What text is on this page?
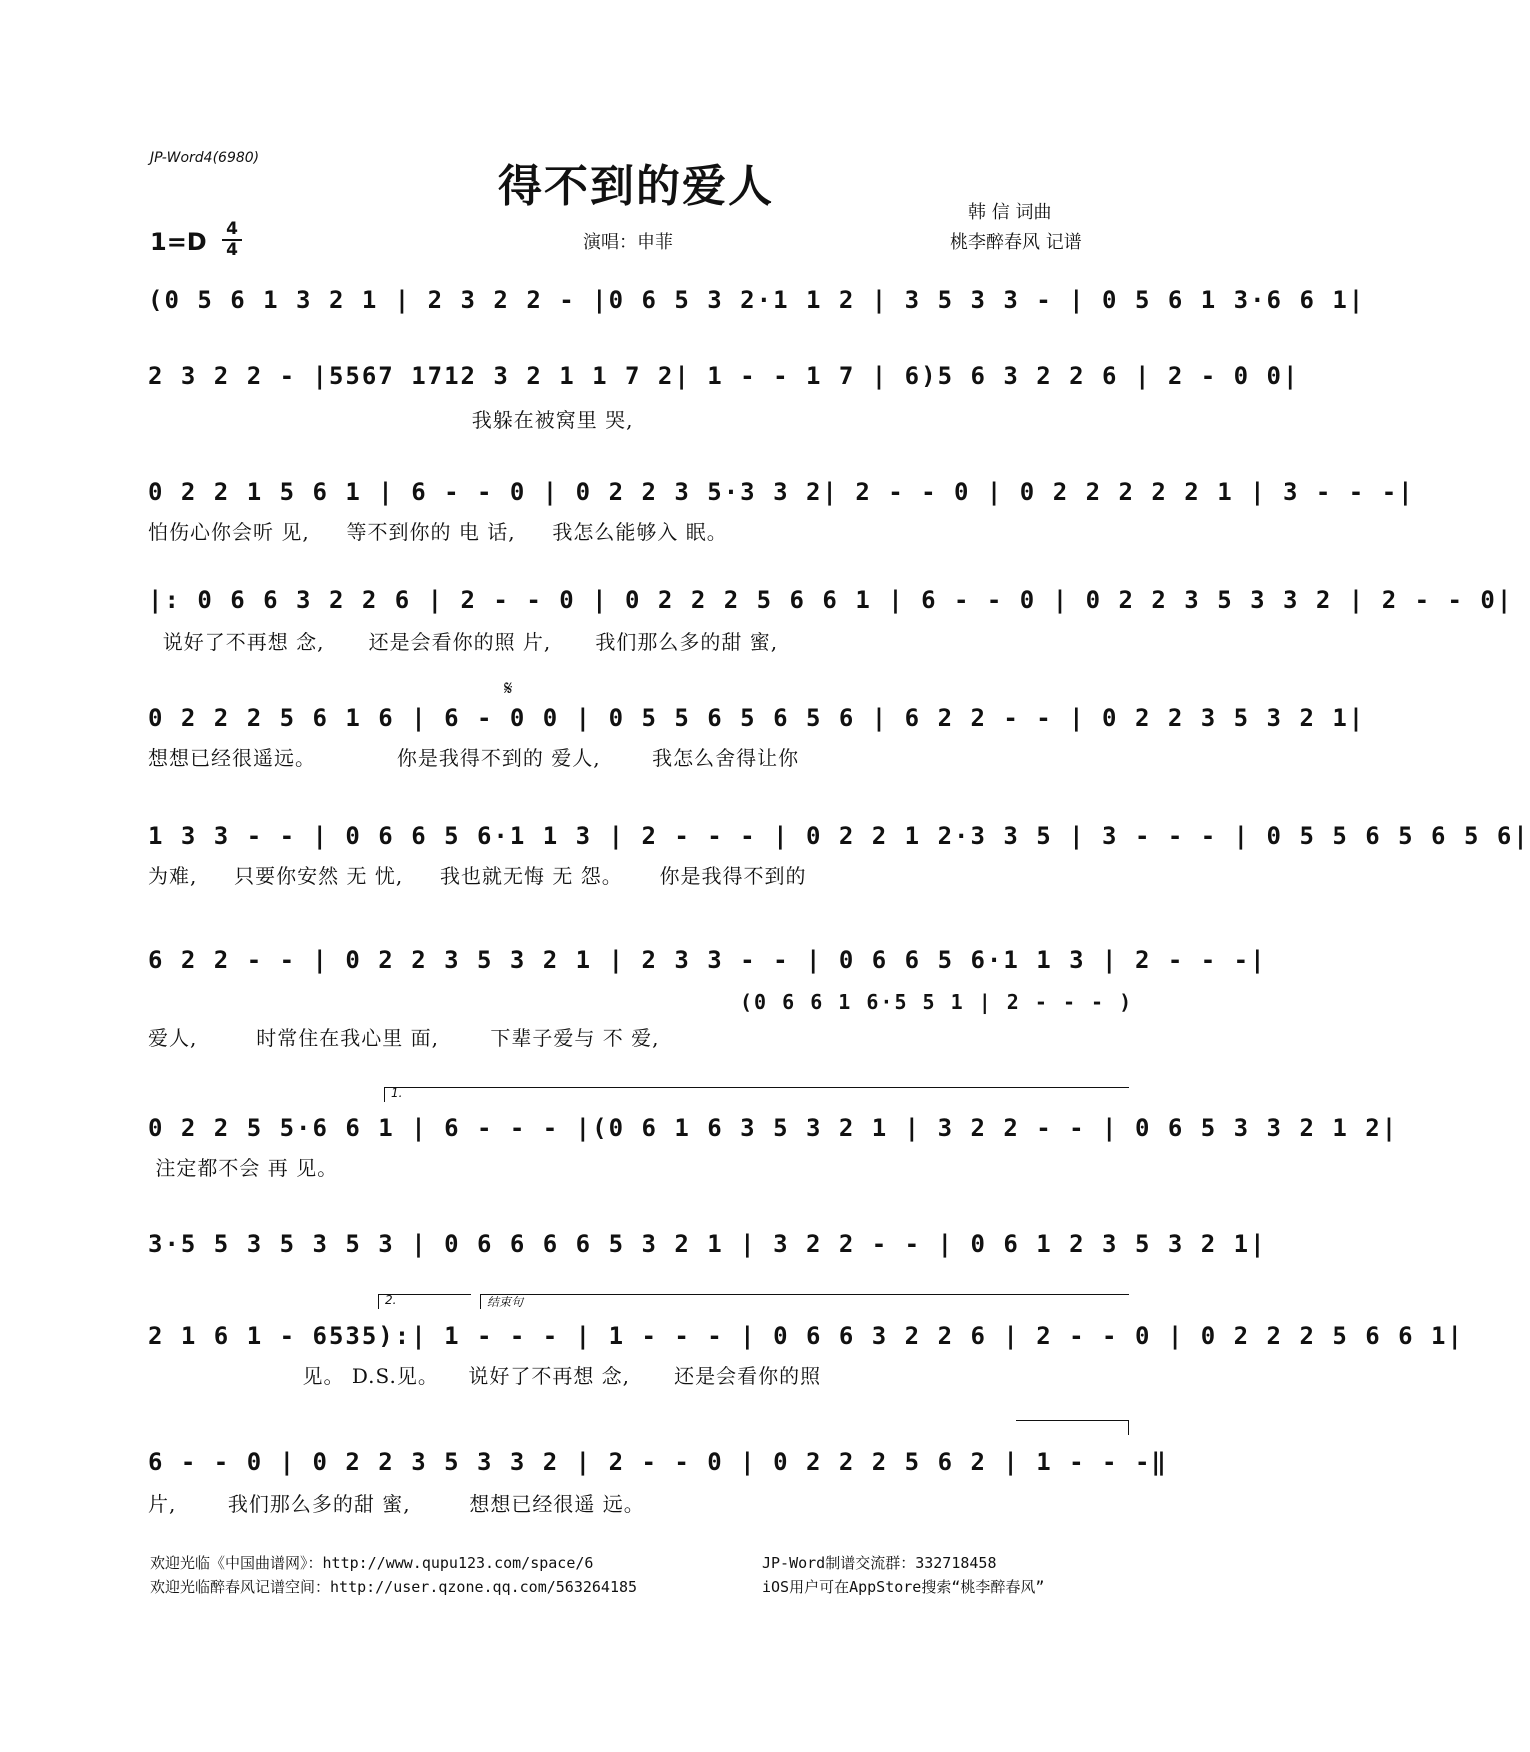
JP-Word4(6980)
得不到的爱人
1=D 4
4	演唱：申菲
韩 信 词曲
桃李醉春风 记谱
(0 5 6 1 3 2 1 | 2 3 2 2 - |0 6 5 3 2·1 1 2 | 3 5 3 3 - | 0 5 6 1 3·6 6 1|
2 3 2 2 - |5567 1712 3 2 1 1 7 2| 1 - - 1 7 | 6)5 6 3 2 2 6 | 2 - 0 0|
我躲在被窝里 哭,
0 2 2 1 5 6 1 | 6 - - 0 | 0 2 2 3 5·3 3 2| 2 - - 0 | 0 2 2 2 2 2 1 | 3 - - -|
怕伤心你会听 见,     等不到你的 电 话,     我怎么能够入 眠。
|: 0 6 6 3 2 2 6 | 2 - - 0 | 0 2 2 2 5 6 6 1 | 6 - - 0 | 0 2 2 3 5 3 3 2 | 2 - - 0|
说好了不再想 念,      还是会看你的照 片,      我们那么多的甜 蜜,
𝄋
0 2 2 2 5 6 1 6 | 6 - 0 0 | 0 5 5 6 5 6 5 6 | 6 2 2 - - | 0 2 2 3 5 3 2 1|
想想已经很遥远。           你是我得不到的 爱人,       我怎么舍得让你
1 3 3 - - | 0 6 6 5 6·1 1 3 | 2 - - - | 0 2 2 1 2·3 3 5 | 3 - - - | 0 5 5 6 5 6 5 6|
为难,     只要你安然 无 忧,     我也就无悔 无 怨。     你是我得不到的
6 2 2 - - | 0 2 2 3 5 3 2 1 | 2 3 3 - - | 0 6 6 5 6·1 1 3 | 2 - - -|
(0 6 6 1 6·5 5 1 | 2 - - - )
爱人,        时常住在我心里 面,       下辈子爱与 不 爱,
1.
0 2 2 5 5·6 6 1 | 6 - - - |(0 6 1 6 3 5 3 2 1 | 3 2 2 - - | 0 6 5 3 3 2 1 2|
注定都不会 再 见。
3·5 5 3 5 3 5 3 | 0 6 6 6 6 5 3 2 1 | 3 2 2 - - | 0 6 1 2 3 5 3 2 1|
2.	结束句
2 1 6 1 - 6535):| 1 - - - | 1 - - - | 0 6 6 3 2 2 6 | 2 - - 0 | 0 2 2 2 5 6 6 1|
见。 D.S.见。    说好了不再想 念,      还是会看你的照
6 - - 0 | 0 2 2 3 5 3 3 2 | 2 - - 0 | 0 2 2 2 5 6 2 | 1 - - -‖
片,       我们那么多的甜 蜜,        想想已经很遥 远。
欢迎光临《中国曲谱网》：http://www.qupu123.com/space/6
欢迎光临醉春风记谱空间：http://user.qzone.qq.com/563264185
JP-Word制谱交流群：332718458
iOS用户可在AppStore搜索“桃李醉春风”
